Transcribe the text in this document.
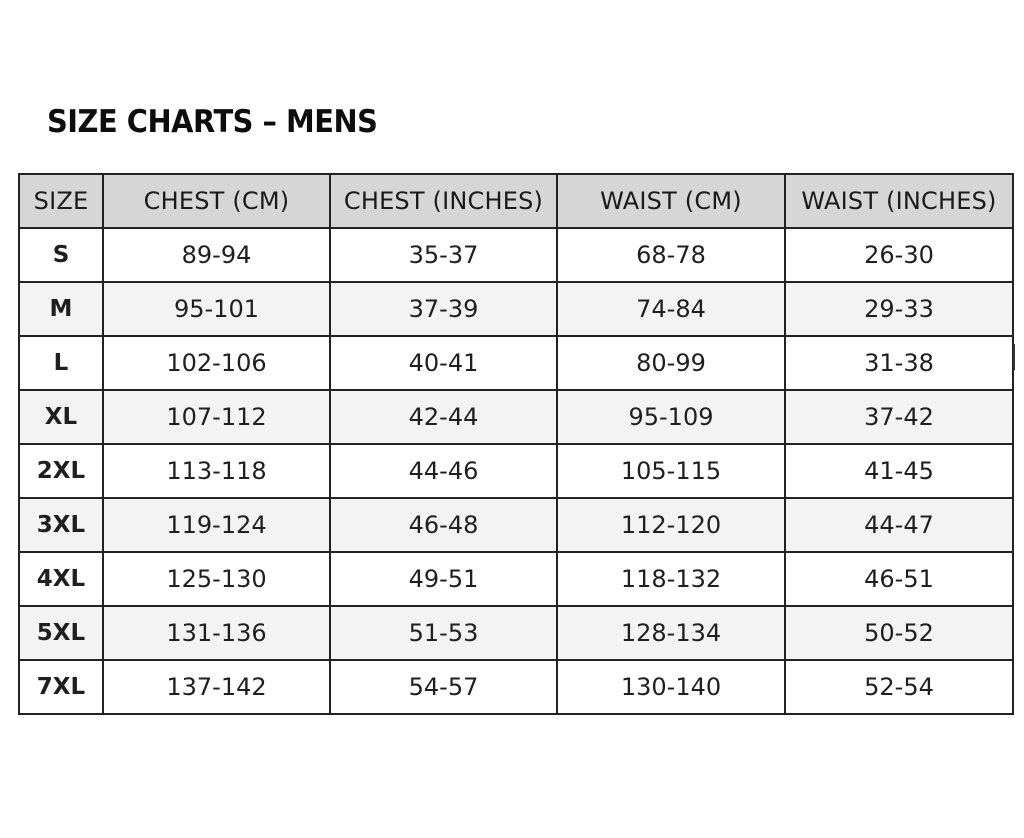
SIZE CHARTS – MENS
SIZE	CHEST (CM)	CHEST (INCHES)	WAIST (CM)	WAIST (INCHES)
S	89-94	35-37	68-78	26-30
M	95-101	37-39	74-84	29-33
L	102-106	40-41	80-99	31-38
XL	107-112	42-44	95-109	37-42
2XL	113-118	44-46	105-115	41-45
3XL	119-124	46-48	112-120	44-47
4XL	125-130	49-51	118-132	46-51
5XL	131-136	51-53	128-134	50-52
7XL	137-142	54-57	130-140	52-54
